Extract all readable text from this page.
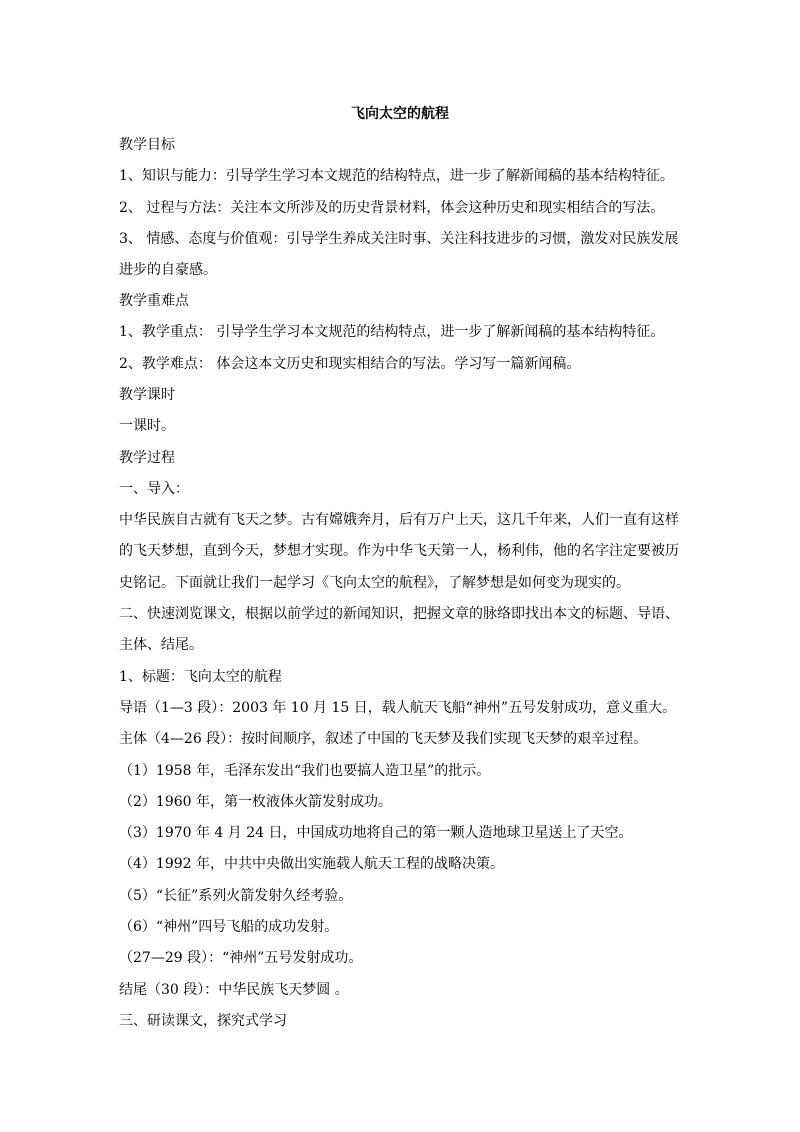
飞向太空的航程
教学目标
1、知识与能力：引导学生学习本文规范的结构特点，进一步了解新闻稿的基本结构特征。
2、 过程与方法：关注本文所涉及的历史背景材料，体会这种历史和现实相结合的写法。
3、 情感、态度与价值观：引导学生养成关注时事、关注科技进步的习惯，激发对民族发展
进步的自豪感。
教学重难点
1、教学重点： 引导学生学习本文规范的结构特点，进一步了解新闻稿的基本结构特征。
2、教学难点： 体会这本文历史和现实相结合的写法。学习写一篇新闻稿。
教学课时
一课时。
教学过程
一、导入：
中华民族自古就有飞天之梦。古有嫦娥奔月，后有万户上天，这几千年来，人们一直有这样
的飞天梦想，直到今天，梦想才实现。作为中华飞天第一人，杨利伟，他的名字注定要被历
史铭记。下面就让我们一起学习《飞向太空的航程》，了解梦想是如何变为现实的。
二、快速浏览课文，根据以前学过的新闻知识，把握文章的脉络即找出本文的标题、导语、
主体、结尾。
1、标题：飞向太空的航程
导语（1—3 段）：2003 年 10 月 15 日，载人航天飞船“神州”五号发射成功，意义重大。
主体（4—26 段）：按时间顺序，叙述了中国的飞天梦及我们实现飞天梦的艰辛过程。
（1）1958 年，毛泽东发出“我们也要搞人造卫星”的批示。
（2）1960 年，第一枚液体火箭发射成功。
（3）1970 年 4 月 24 日，中国成功地将自己的第一颗人造地球卫星送上了天空。
（4）1992 年，中共中央做出实施载人航天工程的战略决策。
（5）“长征”系列火箭发射久经考验。
（6）“神州”四号飞船的成功发射。
（27—29 段）：“神州”五号发射成功。
结尾（30 段）：中华民族飞天梦圆 。
三、研读课文，探究式学习
